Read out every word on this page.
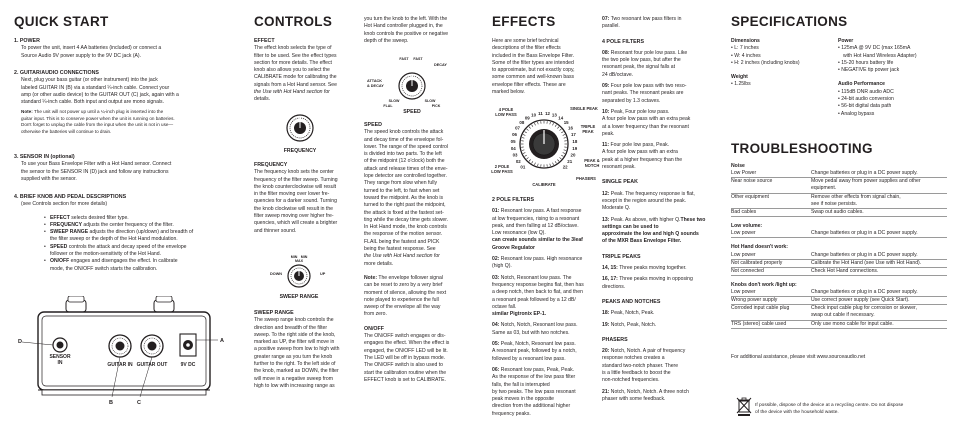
QUICK START
1. POWER
To power the unit, insert 4 AA batteries (included) or connect a
Source Audio 9V power supply to the 9V DC jack (A).
2. GUITAR/AUDIO CONNECTIONS
Next, plug your bass guitar (or other instrument) into the jack
labeled GUITAR IN (B) via a standard ¼-inch cable. Connect your
amp (or other audio device) to the GUITAR OUT (C) jack, again with a
standard ¼-inch cable. Both input and output are mono signals.
Note: The unit will not power up until a ¼-inch plug is inserted into the
guitar input. This is to conserve power when the unit is running on batteries.
Don't forget to unplug the cable from the input when the unit is not in use—
otherwise the batteries will continue to drain.
3. SENSOR IN (optional)
To use your Bass Envelope Filter with a Hot Hand sensor. Connect
the sensor to the SENSOR IN (D) jack and follow any instructions
supplied with the sensor.
4. BRIEF KNOB AND PEDAL DESCRIPTIONS
(see Controls section for more details)
• EFFECT selects desired filter type.
• FREQUENCY adjusts the center frequency of the filter.
• SWEEP RANGE adjusts the direction (up/down) and breadth of
the filter sweep or the depth of the Hot Hand modulation.
• SPEED controls the attack and decay speed of the envelope
follower or the motion-sensitivity of the Hot Hand.
• ON/OFF engages and disengages the effect. In calibrate
mode, the ON/OFF switch starts the calibration.
SENSOR
IN	GUITAR IN GUITAR OUT	9V DC
D	A
B	C
CONTROLS
EFFECT
The effect knob selects the type of
filter to be used. See the effect types
section for more details. The effect
knob also allows you to select the
CALIBRATE mode for calibrating the
signals from a Hot Hand sensor. See
the Use with Hot Hand section for
details.
FREQUENCY
FREQUENCY
The frequency knob sets the center
frequency of the filter sweep. Turning
the knob counterclockwise will result
in the filter moving over lower fre-
quencies for a darker sound. Turning
the knob clockwise will result in the
filter sweep moving over higher fre-
quencies, which will create a brighter
and thinner sound.
MIN MIN
MAX
DOWN	UP
SWEEP RANGE
SWEEP RANGE
The sweep range knob controls the
direction and breadth of the filter
sweep. To the right side of the knob,
marked as UP, the filter will move in
a positive sweep from low to high with
greater range as you turn the knob
further to the right. To the left side of
the knob, marked as DOWN, the filter
will move in a negative sweep from
high to low with increasing range as
you turn the knob to the left. With the
Hot Hand controller plugged in, the
knob controls the positive or negative
depth of the sweep.
FAST FAST
DECAY
ATTACK
& DECAY
SLOW	SLOW
FLAL	PICK
SPEED
SPEED
The speed knob controls the attack
and decay time of the envelope fol-
lower. The range of the speed control
is divided into two parts. To the left
of the midpoint (12 o'clock) both the
attack and release times of the enve-
lope detector are controlled together.
They range from slow when fully
turned to the left, to fast when set
toward the midpoint. As the knob is
turned to the right past the midpoint,
the attack is fixed at the fastest set-
ting while the decay time gets slower.
In Hot Hand mode, the knob controls
the response of the motion sensor.
FLAIL being the fastest and PICK
being the fastest response. See
the Use with Hot Hand section for
more details.
Note: The envelope follower signal
can be reset to zero by a very brief
moment of silence, allowing the next
note played to experience the full
sweep of the envelope all the way
from zero.
ON/OFF
The ON/OFF switch engages or dis-
engages the effect. When the effect is
engaged, the ON/OFF LED will be lit.
The LED will be off in bypass mode.
The ON/OFF switch is also used to
start the calibration routine when the
EFFECT knob is set to CALIBRATE.
EFFECTS
Here are some brief technical
descriptions of the filter effects
included in the Bass Envelope Filter.
Some of the filter types are intended
to approximate, but not exactly copy,
some common and well-known bass
envelope filter effects. These are
marked below.
01
02
03
04
05
06
07
08
09
10 11 12 13
14
15
16
17
18
19
20
21
22
4 POLE
LOW PASS
SINGLE PEAK
TRIPLE
PEAK
PEAK &
NOTCH
PHASERS
CALIBRATE
2 POLE
LOW PASS
2 POLE FILTERS
01: Resonant low pass. A fast response
at low frequencies, rising to a resonant
peak, and then falling at 12 dB/octave.
Low resonance (low Q).
can create sounds similar to the 3leaf
Groove Regulator
02: Resonant low pass. High resonance
(high Q).
03: Notch, Resonant low pass. The
frequency response begins flat, then has
a deep notch, then back to flat, and then
a resonant peak followed by a 12 dB/
octave fall.
similar Pigtronix EP-1.
04: Notch, Notch, Resonant low pass.
Same as 03, but with two notches.
05: Peak, Notch, Resonant low pass.
A resonant peak, followed by a notch,
followed by a resonant low pass.
06: Resonant low pass, Peak, Peak.
As the response of the low pass filter
falls, the fall is interrupted
by two peaks. The low pass resonant
peak moves in the opposite
direction from the additional higher
frequency peaks.
07: Two resonant low pass filters in
parallel.
4 POLE FILTERS
08: Resonant four pole low pass. Like
the two pole low pass, but after the
resonant peak, the signal falls at
24 dB/octave.
09: Four pole low pass with two reso-
nant peaks. The resonant peaks are
separated by 1.3 octaves.
10: Peak, Four pole low pass.
A four pole low pass with an extra peak
at a lower frequency than the resonant
peak.
11: Four pole low pass, Peak.
A four pole low pass with an extra
peak at a higher frequency than the
resonant peak.
SINGLE PEAK
12: Peak. The frequency response is flat,
except in the region around the peak.
Moderate Q.
13: Peak. As above, with higher Q.These two settings can be used to
approximate the low and high Q sounds
of the MXR Bass Envelope Filter.
TRIPLE PEAKS
14, 15: Three peaks moving together.
16, 17: Three peaks moving in opposing
directions.
PEAKS AND NOTCHES
18: Peak, Notch, Peak.
19: Notch, Peak, Notch.
PHASERS
20: Notch, Notch. A pair of frequency
response notches creates a
standard two-notch phaser. There
is a little feedback to boost the
non-notched frequencies.
21: Notch, Notch, Notch. A three notch
phaser with some feedback.
SPECIFICATIONS
Dimensions
• L: 7 inches
• W: 4 inches
• H: 2 inches (including knobs)
Weight
• 1.25lbs
Power
• 125mA @ 9V DC (max 165mA
with Hot Hand Wireless Adapter)
• 15-20 hours battery life
• NEGATIVE tip power jack
Audio Performance
• 115dB DNR audio ADC
• 24-bit audio conversion
• 56-bit digital data path
• Analog bypass
TROUBLESHOOTING
Noise
Low Power	Change batteries or plug in a DC power supply.

Near noise source	Move pedal away from power supplies and other
equipment.

Other equipment	Remove other effects from signal chain,
see if noise persists.

Bad cables	Swap out audio cables.
Low volume:
Low power	Change batteries or plug in a DC power supply.
Hot Hand doesn't work:
Low power	Change batteries or plug in a DC power supply.

Not calibrated properly	Calibrate the Hot Hand (see Use with Hot Hand).

Not connected	Check Hot Hand connections.
Knobs don't work /light up:
Low power	Change batteries or plug in a DC power supply.

Wrong power supply	Use correct power supply (see Quick Start).

Corroded input cable plug	Check input cable plug for corrosion or skewer,
swap out cable if necessary.

TRS (stereo) cable used	Only use mono cable for input cable.
For additional assistance, please visit www.sourceaudio.net
If possible, dispose of the device at a recycling centre. Do not dispose
of the device with the household waste.
